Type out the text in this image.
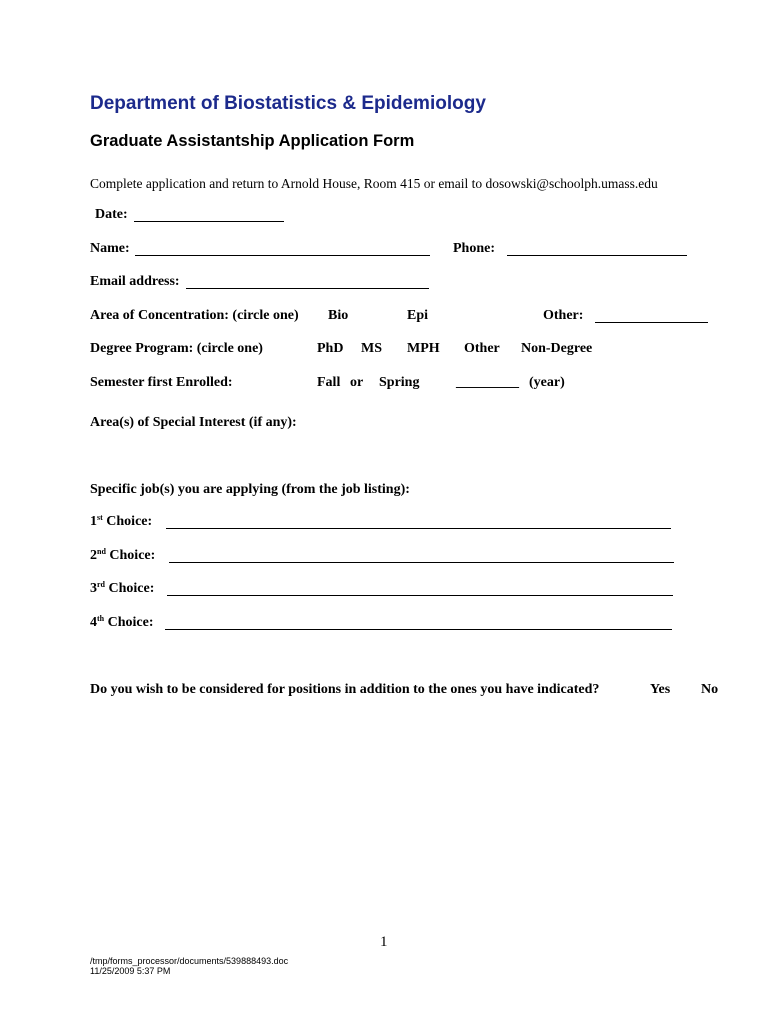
Department of Biostatistics & Epidemiology
Graduate Assistantship Application Form
Complete application and return to Arnold House, Room 415 or email to dosowski@schoolph.umass.edu
Date:
Name:	Phone:
Email address:
Area of Concentration: (circle one) Bio	Epi	Other:
Degree Program: (circle one)	PhD MS MPH Other Non-Degree
Semester first Enrolled:	Fall or Spring	_________ (year)
Area(s) of Special Interest (if any):
Specific job(s) you are applying (from the job listing):
1st Choice:
2nd Choice:
3rd Choice:
4th Choice:
Do you wish to be considered for positions in addition to the ones you have indicated?	Yes No
1
/tmp/forms_processor/documents/539888493.doc
11/25/2009 5:37 PM
